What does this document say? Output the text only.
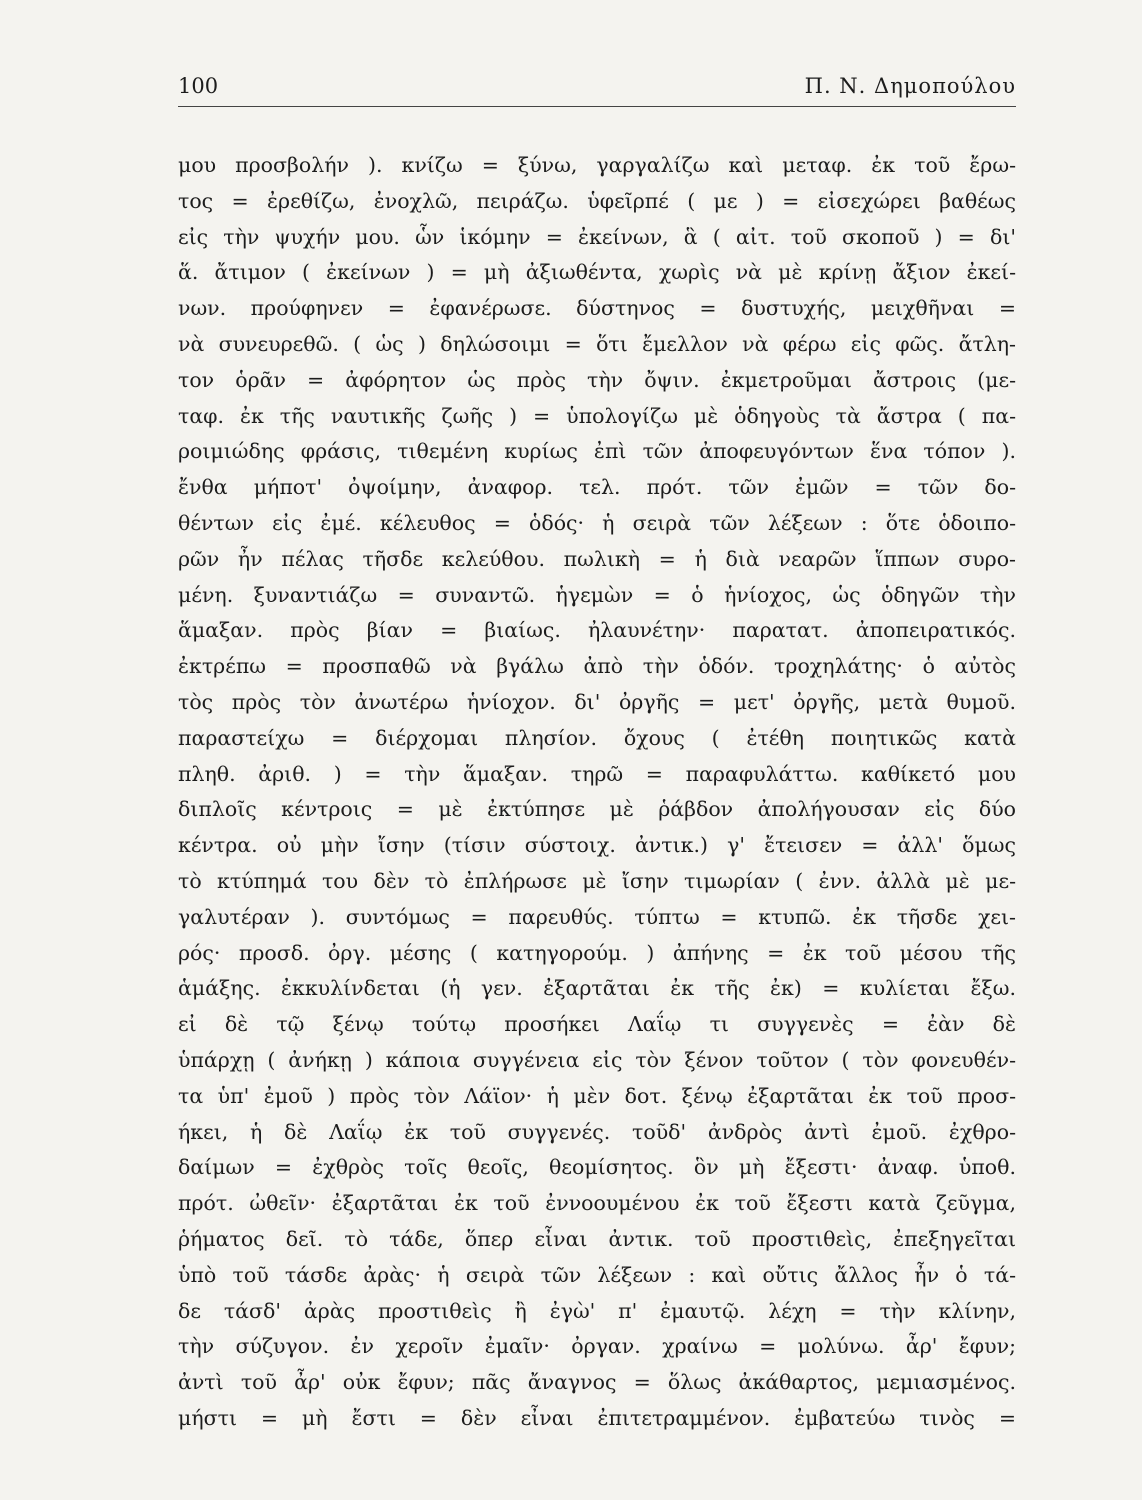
100	Π. Ν. Δημοπούλου
μου προσβολήν ). κνίζω = ξύνω, γαργαλίζω καὶ μεταφ. ἐκ τοῦ ἔρω-
τος = ἐρεθίζω, ἐνοχλῶ, πειράζω. ὑφεῖρπέ ( με ) = εἰσεχώρει βαθέως
εἰς τὴν ψυχήν μου. ὧν ἱκόμην = ἐκείνων, ἃ ( αἰτ. τοῦ σκοποῦ ) = δι'
ἅ. ἄτιμον ( ἐκείνων ) = μὴ ἀξιωθέντα, χωρὶς νὰ μὲ κρίνῃ ἄξιον ἐκεί-
νων. προύφηνεν = ἐφανέρωσε. δύστηνος = δυστυχής, μειχθῆναι =
νὰ συνευρεθῶ. ( ὡς ) δηλώσοιμι = ὅτι ἔμελλον νὰ φέρω εἰς φῶς. ἄτλη-
τον ὁρᾶν = ἀφόρητον ὡς πρὸς τὴν ὄψιν. ἐκμετροῦμαι ἄστροις (με-
ταφ. ἐκ τῆς ναυτικῆς ζωῆς ) = ὑπολογίζω μὲ ὁδηγοὺς τὰ ἄστρα ( πα-
ροιμιώδης φράσις, τιθεμένη κυρίως ἐπὶ τῶν ἀποφευγόντων ἕνα τόπον ).
ἔνθα μήποτ' ὀψοίμην, ἀναφορ. τελ. πρότ. τῶν ἐμῶν = τῶν δο-
θέντων εἰς ἐμέ. κέλευθος = ὁδός· ἡ σειρὰ τῶν λέξεων : ὅτε ὁδοιπο-
ρῶν ἦν πέλας τῆσδε κελεύθου. πωλικὴ = ἡ διὰ νεαρῶν ἵππων συρο-
μένη. ξυναντιάζω = συναντῶ. ἡγεμὼν = ὁ ἡνίοχος, ὡς ὁδηγῶν τὴν
ἅμαξαν. πρὸς βίαν = βιαίως. ἠλαυνέτην· παρατατ. ἀποπειρατικός.
ἐκτρέπω = προσπαθῶ νὰ βγάλω ἀπὸ τὴν ὁδόν. τροχηλάτης· ὁ αὐτὸς
τὸς πρὸς τὸν ἀνωτέρω ἡνίοχον. δι' ὀργῆς = μετ' ὀργῆς, μετὰ θυμοῦ.
παραστείχω = διέρχομαι πλησίον. ὄχους ( ἐτέθη ποιητικῶς κατὰ
πληθ. ἀριθ. ) = τὴν ἅμαξαν. τηρῶ = παραφυλάττω. καθίκετό μου
διπλοῖς κέντροις = μὲ ἐκτύπησε μὲ ῥάβδον ἀπολήγουσαν εἰς δύο
κέντρα. οὐ μὴν ἴσην (τίσιν σύστοιχ. ἀντικ.) γ' ἔτεισεν = ἀλλ' ὅμως
τὸ κτύπημά του δὲν τὸ ἐπλήρωσε μὲ ἴσην τιμωρίαν ( ἐνν. ἀλλὰ μὲ με-
γαλυτέραν ). συντόμως = παρευθύς. τύπτω = κτυπῶ. ἐκ τῆσδε χει-
ρός· προσδ. ὀργ. μέσης ( κατηγορούμ. ) ἀπήνης = ἐκ τοῦ μέσου τῆς
ἁμάξης. ἐκκυλίνδεται (ἡ γεν. ἐξαρτᾶται ἐκ τῆς ἐκ) = κυλίεται ἔξω.
εἰ δὲ τῷ ξένῳ τούτῳ προσήκει Λαΐῳ τι συγγενὲς = ἐὰν δὲ
ὑπάρχῃ ( ἀνήκῃ ) κάποια συγγένεια εἰς τὸν ξένον τοῦτον ( τὸν φονευθέν-
τα ὑπ' ἐμοῦ ) πρὸς τὸν Λάϊον· ἡ μὲν δοτ. ξένῳ ἐξαρτᾶται ἐκ τοῦ προσ-
ήκει, ἡ δὲ Λαΐῳ ἐκ τοῦ συγγενές. τοῦδ' ἀνδρὸς ἀντὶ ἐμοῦ. ἐχθρο-
δαίμων = ἐχθρὸς τοῖς θεοῖς, θεομίσητος. ὃν μὴ ἔξεστι· ἀναφ. ὑποθ.
πρότ. ὠθεῖν· ἐξαρτᾶται ἐκ τοῦ ἐννοουμένου ἐκ τοῦ ἔξεστι κατὰ ζεῦγμα,
ῥήματος δεῖ. τὸ τάδε, ὅπερ εἶναι ἀντικ. τοῦ προστιθεὶς, ἐπεξηγεῖται
ὑπὸ τοῦ τάσδε ἀρὰς· ἡ σειρὰ τῶν λέξεων : καὶ οὔτις ἄλλος ἦν ὁ τά-
δε τάσδ' ἀρὰς προστιθεὶς ἢ ἐγὼ' π' ἐμαυτῷ. λέχη = τὴν κλίνην,
τὴν σύζυγον. ἐν χεροῖν ἐμαῖν· ὀργαν. χραίνω = μολύνω. ἆρ' ἔφυν;
ἀντὶ τοῦ ἆρ' οὐκ ἔφυν; πᾶς ἄναγνος = ὅλως ἀκάθαρτος, μεμιασμένος.
μήστι = μὴ ἔστι = δὲν εἶναι ἐπιτετραμμένον. ἐμβατεύω τινὸς =
